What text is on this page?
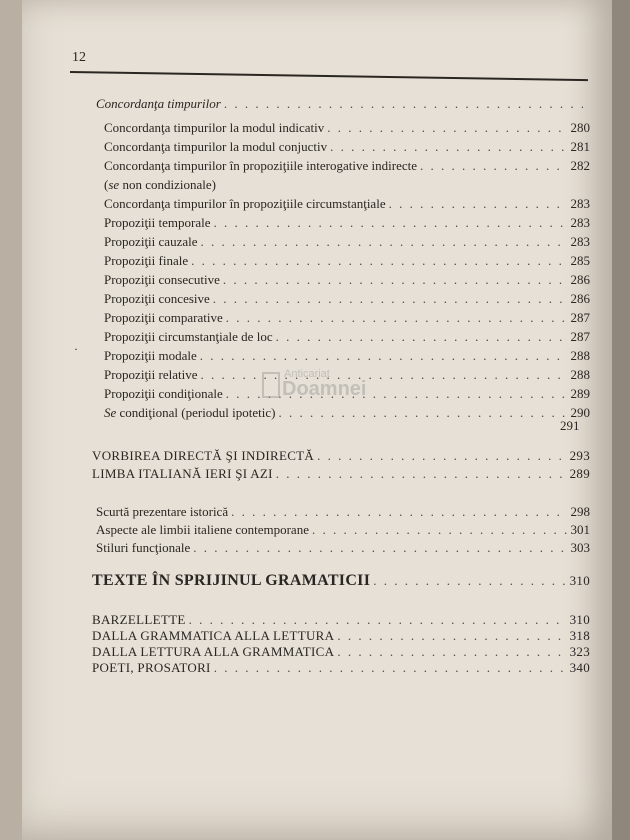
12
Concordanţa timpurilor
. . .
Concordanţa timpurilor la modul indicativ . . .	280
Concordanţa timpurilor la modul conjuctiv . . .	281
Concordanţa timpurilor în propoziţiile interogative indirecte . . .	282
(se non condizionale)
Concordanţa timpurilor în propoziţiile circumstanţiale . . .	283
Propoziţii temporale . . .	283
Propoziţii cauzale . . .	283
Propoziţii finale . . .	285
Propoziţii consecutive . . .	286
Propoziţii concesive . . .	286
Propoziţii comparative . . .	287
Propoziţii circumstanţiale de loc . . .	287
Propoziţii modale . . .	288
Propoziţii relative . . .	288
Propoziţii condiţionale . . .	289
Se condiţional (periodul ipotetic) . . .	290
291
VORBIREA DIRECTĂ ŞI INDIRECTĂ . . .	293
LIMBA ITALIANĂ IERI ŞI AZI . . .	289
Scurtă prezentare istorică . . .	298
Aspecte ale limbii italiene contemporane . . .	301
Stiluri funcţionale . . .	303
TEXTE ÎN SPRIJINUL GRAMATICII . . .	310
BARZELLETTE . . .	310
DALLA GRAMMATICA ALLA LETTURA . . .	318
DALLA LETTURA ALLA GRAMMATICA . . .	323
POETI, PROSATORI . . .	340
·
Anticariat
Doamnei
